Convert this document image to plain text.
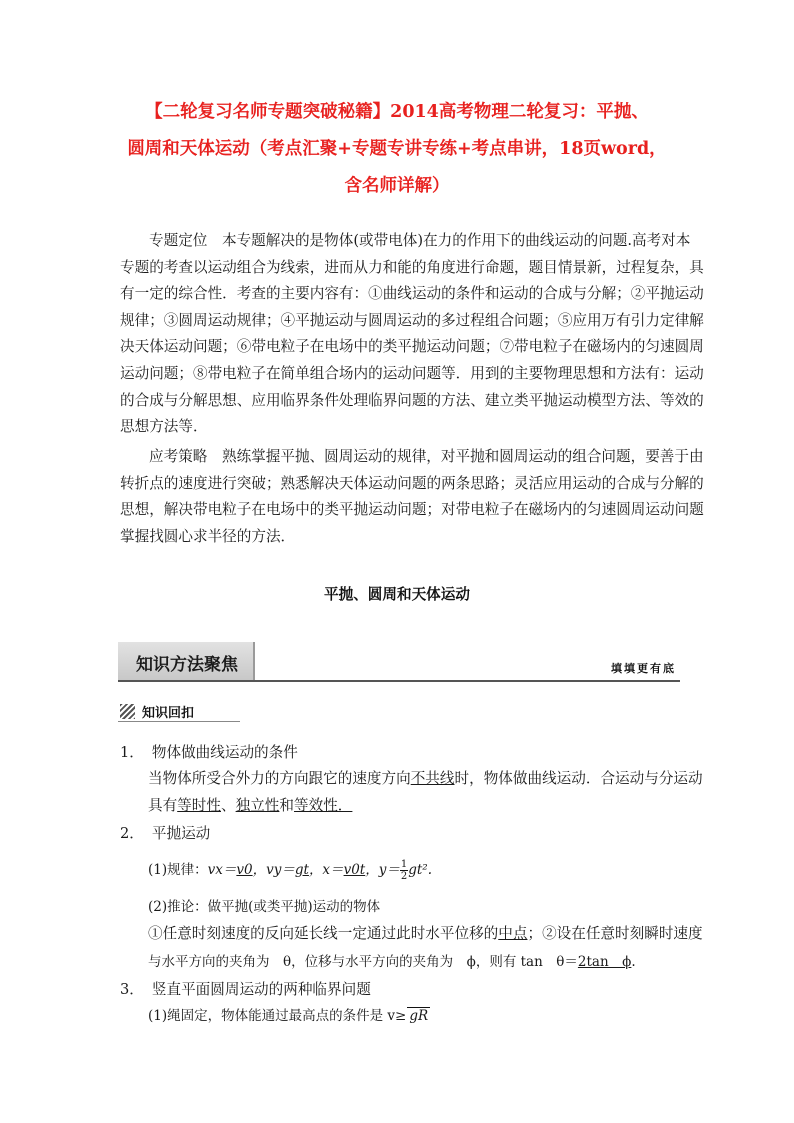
【二轮复习名师专题突破秘籍】2014高考物理二轮复习：平抛、
圆周和天体运动（考点汇聚+专题专讲专练+考点串讲，18页word，
含名师详解）
专题定位　本专题解决的是物体(或带电体)在力的作用下的曲线运动的问题.高考对本
专题的考查以运动组合为线索，进而从力和能的角度进行命题，题目情景新，过程复杂，具
有一定的综合性．考查的主要内容有：①曲线运动的条件和运动的合成与分解；②平抛运动
规律；③圆周运动规律；④平抛运动与圆周运动的多过程组合问题；⑤应用万有引力定律解
决天体运动问题；⑥带电粒子在电场中的类平抛运动问题；⑦带电粒子在磁场内的匀速圆周
运动问题；⑧带电粒子在简单组合场内的运动问题等．用到的主要物理思想和方法有：运动
的合成与分解思想、应用临界条件处理临界问题的方法、建立类平抛运动模型方法、等效的
思想方法等．
应考策略　熟练掌握平抛、圆周运动的规律，对平抛和圆周运动的组合问题，要善于由
转折点的速度进行突破；熟悉解决天体运动问题的两条思路；灵活应用运动的合成与分解的
思想，解决带电粒子在电场中的类平抛运动问题；对带电粒子在磁场内的匀速圆周运动问题
掌握找圆心求半径的方法．
平抛、圆周和天体运动
知识方法聚焦	填填更有底
知识回扣
1． 物体做曲线运动的条件
当物体所受合外力的方向跟它的速度方向不共线时，物体做曲线运动．合运动与分运动
具有等时性、独立性和等效性．
2． 平抛运动
(1)规律：vx＝v0，vy＝gt，x＝v0t，$y= \frac{1}{2} gt^2$.
(2)推论：做平抛(或类平抛)运动的物体
①任意时刻速度的反向延长线一定通过此时水平位移的中点；②设在任意时刻瞬时速度
与水平方向的夹角为　θ，位移与水平方向的夹角为　ϕ，则有 tan　θ＝2tan　ϕ.
3． 竖直平面圆周运动的两种临界问题
(1)绳固定，物体能通过最高点的条件是 v≥ gR
